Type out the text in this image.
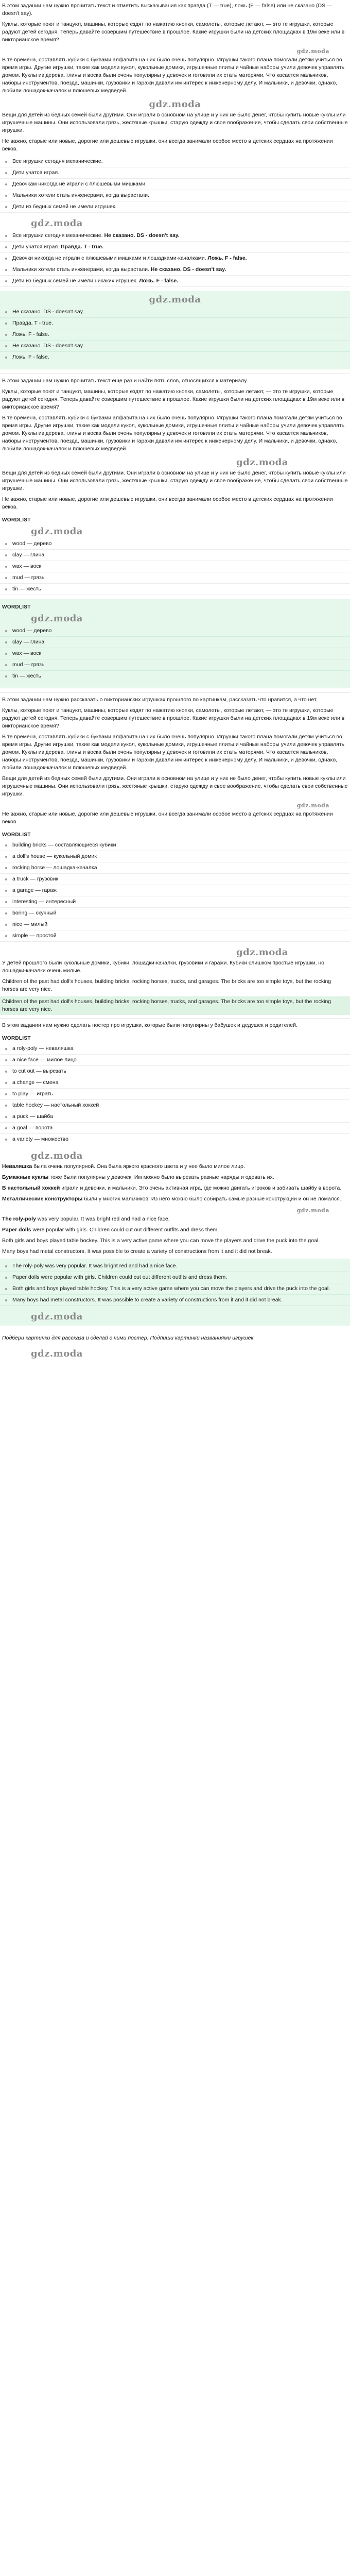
В этом задании нам нужно прочитать текст и отметить высказывания как правда (T — true), ложь (F — false) или не сказано (DS — doesn't say).

Куклы, которые поют и танцуют, машины, которые ездят по нажатию кнопки, самолеты, которые летают, — это те игрушки, которые радуют детей сегодня. Теперь давайте совершим путешествие в прошлое. Какие игрушки были на детских площадках в 19м веке или в викторианское время?

gdz.moda

В те времена, составлять кубики с буквами алфавита на них было очень популярно. Игрушки такого плана помогали детям учиться во время игры. Другие игрушки, такие как модели кукол, кукольные домики, игрушечные плиты и чайные наборы учили девочек управлять домом. Куклы из дерева, глины и воска были очень популярны у девочек и готовили их стать матерями. Что касается мальчиков, наборы инструментов, поезда, машинки, грузовики и гаражи давали им интерес к инженерному делу. И мальчики, и девочки, однако, любили лошадок-качалок и плюшевых медведей.

gdz.moda

Вещи для детей из бедных семей были другими. Они играли в основном на улице и у них не было денег, чтобы купить новые куклы или игрушечные машины. Они использовали грязь, жестяные крышки, старую одежду и свое воображение, чтобы сделать свои собственные игрушки.

Не важно, старые или новые, дорогие или дешевые игрушки, они всегда занимали особое место в детских сердцах на протяжении веков.

Все игрушки сегодня механические.
Дети учатся играя.
Девочкам никогда не играли с плюшевыми мишками.
Мальчики хотели стать инженерами, когда вырастали.
Дети из бедных семей не имели игрушек.
gdz.moda
Все игрушки сегодня механические. Не сказано. DS - doesn't say.
Дети учатся играя. Правда. T - true.
Девочки никогда не играли с плюшевыми мишками и лошадками-качалками. Ложь. F - false.
Мальчики хотели стать инженерами, когда вырастали. Не сказано. DS - doesn't say.
Дети из бедных семей не имели никаких игрушек. Ложь. F - false.
gdz.moda
Не сказано. DS - doesn't say.
Правда. T - true.
Ложь. F - false.
Не сказано. DS - doesn't say.
Ложь. F - false.

В этом задании нам нужно прочитать текст еще раз и найти пять слов, относящихся к материалу.

Куклы, которые поют и танцуют, машины, которые ездят по нажатию кнопки, самолеты, которые летают, — это те игрушки, которые радуют детей сегодня. Теперь давайте совершим путешествие в прошлое. Какие игрушки были на детских площадках в 19м веке или в викторианское время?

В те времена, составлять кубики с буквами алфавита на них было очень популярно. Игрушки такого плана помогали детям учиться во время игры. Другие игрушки, такие как модели кукол, кукольные домики, игрушечные плиты и чайные наборы учили девочек управлять домом. Куклы из дерева, глины и воска были очень популярны у девочек и готовили их стать матерями. Что касается мальчиков, наборы инструментов, поезда, машинки, грузовики и гаражи давали им интерес к инженерному делу. И мальчики, и девочки, однако, любили лошадок-качалок и плюшевых медведей.

gdz.moda

Вещи для детей из бедных семей были другими. Они играли в основном на улице и у них не было денег, чтобы купить новые куклы или игрушечные машины. Они использовали грязь, жестяные крышки, старую одежду и свое воображение, чтобы сделать свои собственные игрушки.

Не важно, старые или новые, дорогие или дешевые игрушки, они всегда занимали особое место в детских сердцах на протяжении веков.

WORDLIST
gdz.moda
wood — дерево
clay — глина
wax — воск
mud — грязь
tin — жесть
WORDLIST
gdz.moda
wood — дерево
clay — глина
wax — воск
mud — грязь
tin — жесть

В этом задании нам нужно рассказать о викторианских игрушках прошлого по картинкам, рассказать что нравится, а что нет.

Куклы, которые поют и танцуют, машины, которые ездят по нажатию кнопки, самолеты, которые летают, — это те игрушки, которые радуют детей сегодня. Теперь давайте совершим путешествие в прошлое. Какие игрушки были на детских площадках в 19м веке или в викторианское время?

В те времена, составлять кубики с буквами алфавита на них было очень популярно. Игрушки такого плана помогали детям учиться во время игры. Другие игрушки, такие как модели кукол, кукольные домики, игрушечные плиты и чайные наборы учили девочек управлять домом. Куклы из дерева, глины и воска были очень популярны у девочек и готовили их стать матерями. Что касается мальчиков, наборы инструментов, поезда, машинки, грузовики и гаражи давали им интерес к инженерному делу. И мальчики, и девочки, однако, любили лошадок-качалок и плюшевых медведей.

Вещи для детей из бедных семей были другими. Они играли в основном на улице и у них не было денег, чтобы купить новые куклы или игрушечные машины. Они использовали грязь, жестяные крышки, старую одежду и свое воображение, чтобы сделать свои собственные игрушки.

gdz.moda

Не важно, старые или новые, дорогие или дешевые игрушки, они всегда занимали особое место в детских сердцах на протяжении веков.

WORDLIST
building bricks — составляющиеся кубики
a doll's house — кукольный домик
rocking horse — лошадка-качалка
a truck — грузовик
a garage — гараж
interesting — интересный
boring — скучный
nice — милый
simple — простой
gdz.moda

У детей прошлого были кукольные домики, кубики, лошадки-качалки, грузовики и гаражи. Кубики слишком простые игрушки, но лошадки-качалки очень милые.

Children of the past had doll's houses, building bricks, rocking horses, trucks, and garages. The bricks are too simple toys, but the rocking horses are very nice.

Children of the past had doll's houses, building bricks, rocking horses, trucks, and garages. The bricks are too simple toys, but the rocking horses are very nice.

В этом задании нам нужно сделать постер про игрушки, которые были популярны у бабушек и дедушек и родителей.

WORDLIST
a roly-poly — неваляшка
a nice face — милое лицо
to cut out — вырезать
a change — смена
to play — играть
table hockey — настольный хоккей
a puck — шайба
a goal — ворота
a variety — множество
gdz.moda

Неваляшка была очень популярной. Она была яркого красного цвета и у нее было милое лицо.

Бумажные куклы тоже были популярны у девочек. Им можно было вырезать разные наряды и одевать их.

В настольный хоккей играли и девочки, и мальчики. Это очень активная игра, где можно двигать игроков и забивать шайбу в ворота.

Металлические конструкторы были у многих мальчиков. Из него можно было собирать самые разные конструкции и он не ломался.

gdz.moda

The roly-poly was very popular. It was bright red and had a nice face.

Paper dolls were popular with girls. Children could cut out different outfits and dress them.

Both girls and boys played table hockey. This is a very active game where you can move the players and drive the puck into the goal.

Many boys had metal constructors. It was possible to create a variety of constructions from it and it did not break.

The roly-poly was very popular. It was bright red and had a nice face.
Paper dolls were popular with girls. Children could cut out different outfits and dress them.
Both girls and boys played table hockey. This is a very active game where you can move the players and drive the puck into the goal.
Many boys had metal constructors. It was possible to create a variety of constructions from it and it did not break.
gdz.moda

Подбери картинки для рассказа и сделай с ними постер. Подпиши картинки названиями игрушек.

gdz.moda
